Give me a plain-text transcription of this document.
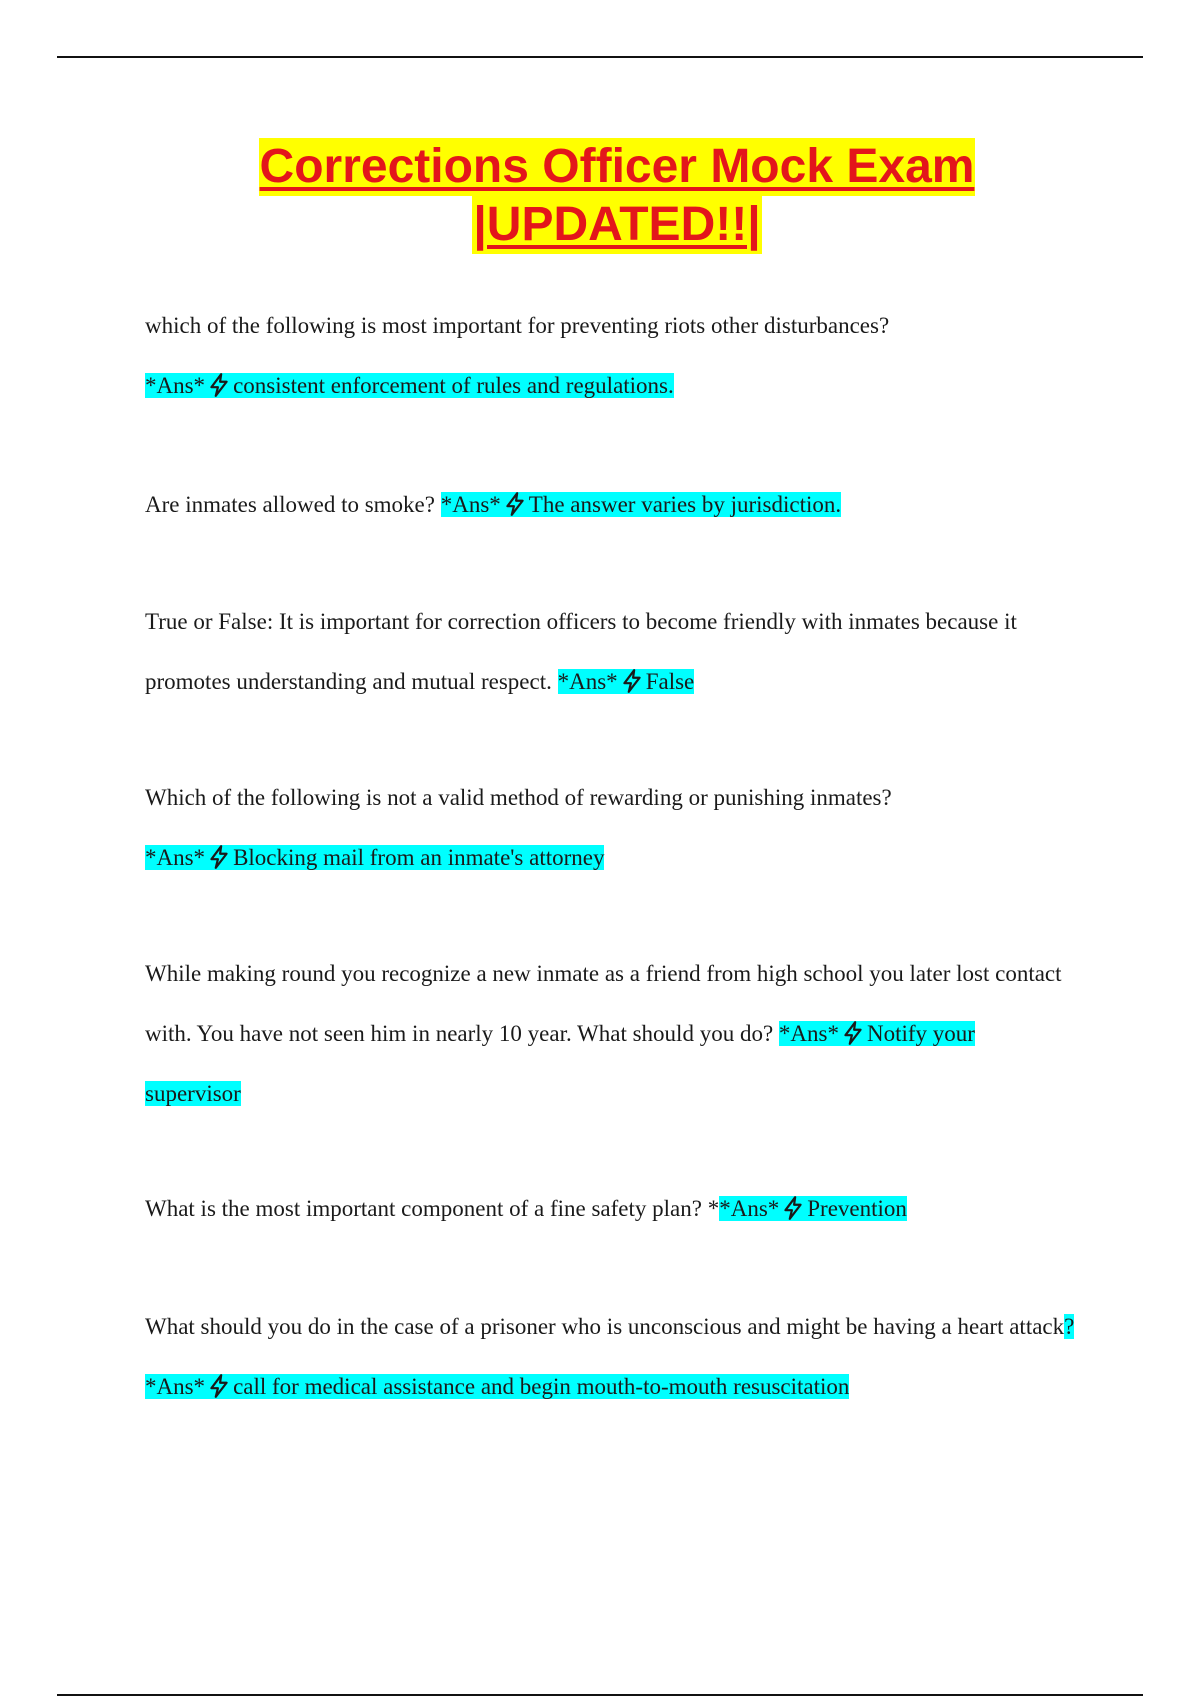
Corrections Officer Mock Exam
|UPDATED!!|
which of the following is most important for preventing riots other disturbances?
*Ans* consistent enforcement of rules and regulations.
Are inmates allowed to smoke? *Ans* The answer varies by jurisdiction.
True or False: It is important for correction officers to become friendly with inmates because it promotes understanding and mutual respect. *Ans* False
Which of the following is not a valid method of rewarding or punishing inmates?
*Ans* Blocking mail from an inmate's attorney
While making round you recognize a new inmate as a friend from high school you later lost contact with. You have not seen him in nearly 10 year. What should you do? *Ans* Notify your supervisor
What is the most important component of a fine safety plan? **Ans* Prevention
What should you do in the case of a prisoner who is unconscious and might be having a heart attack? *Ans* call for medical assistance and begin mouth-to-mouth resuscitation
